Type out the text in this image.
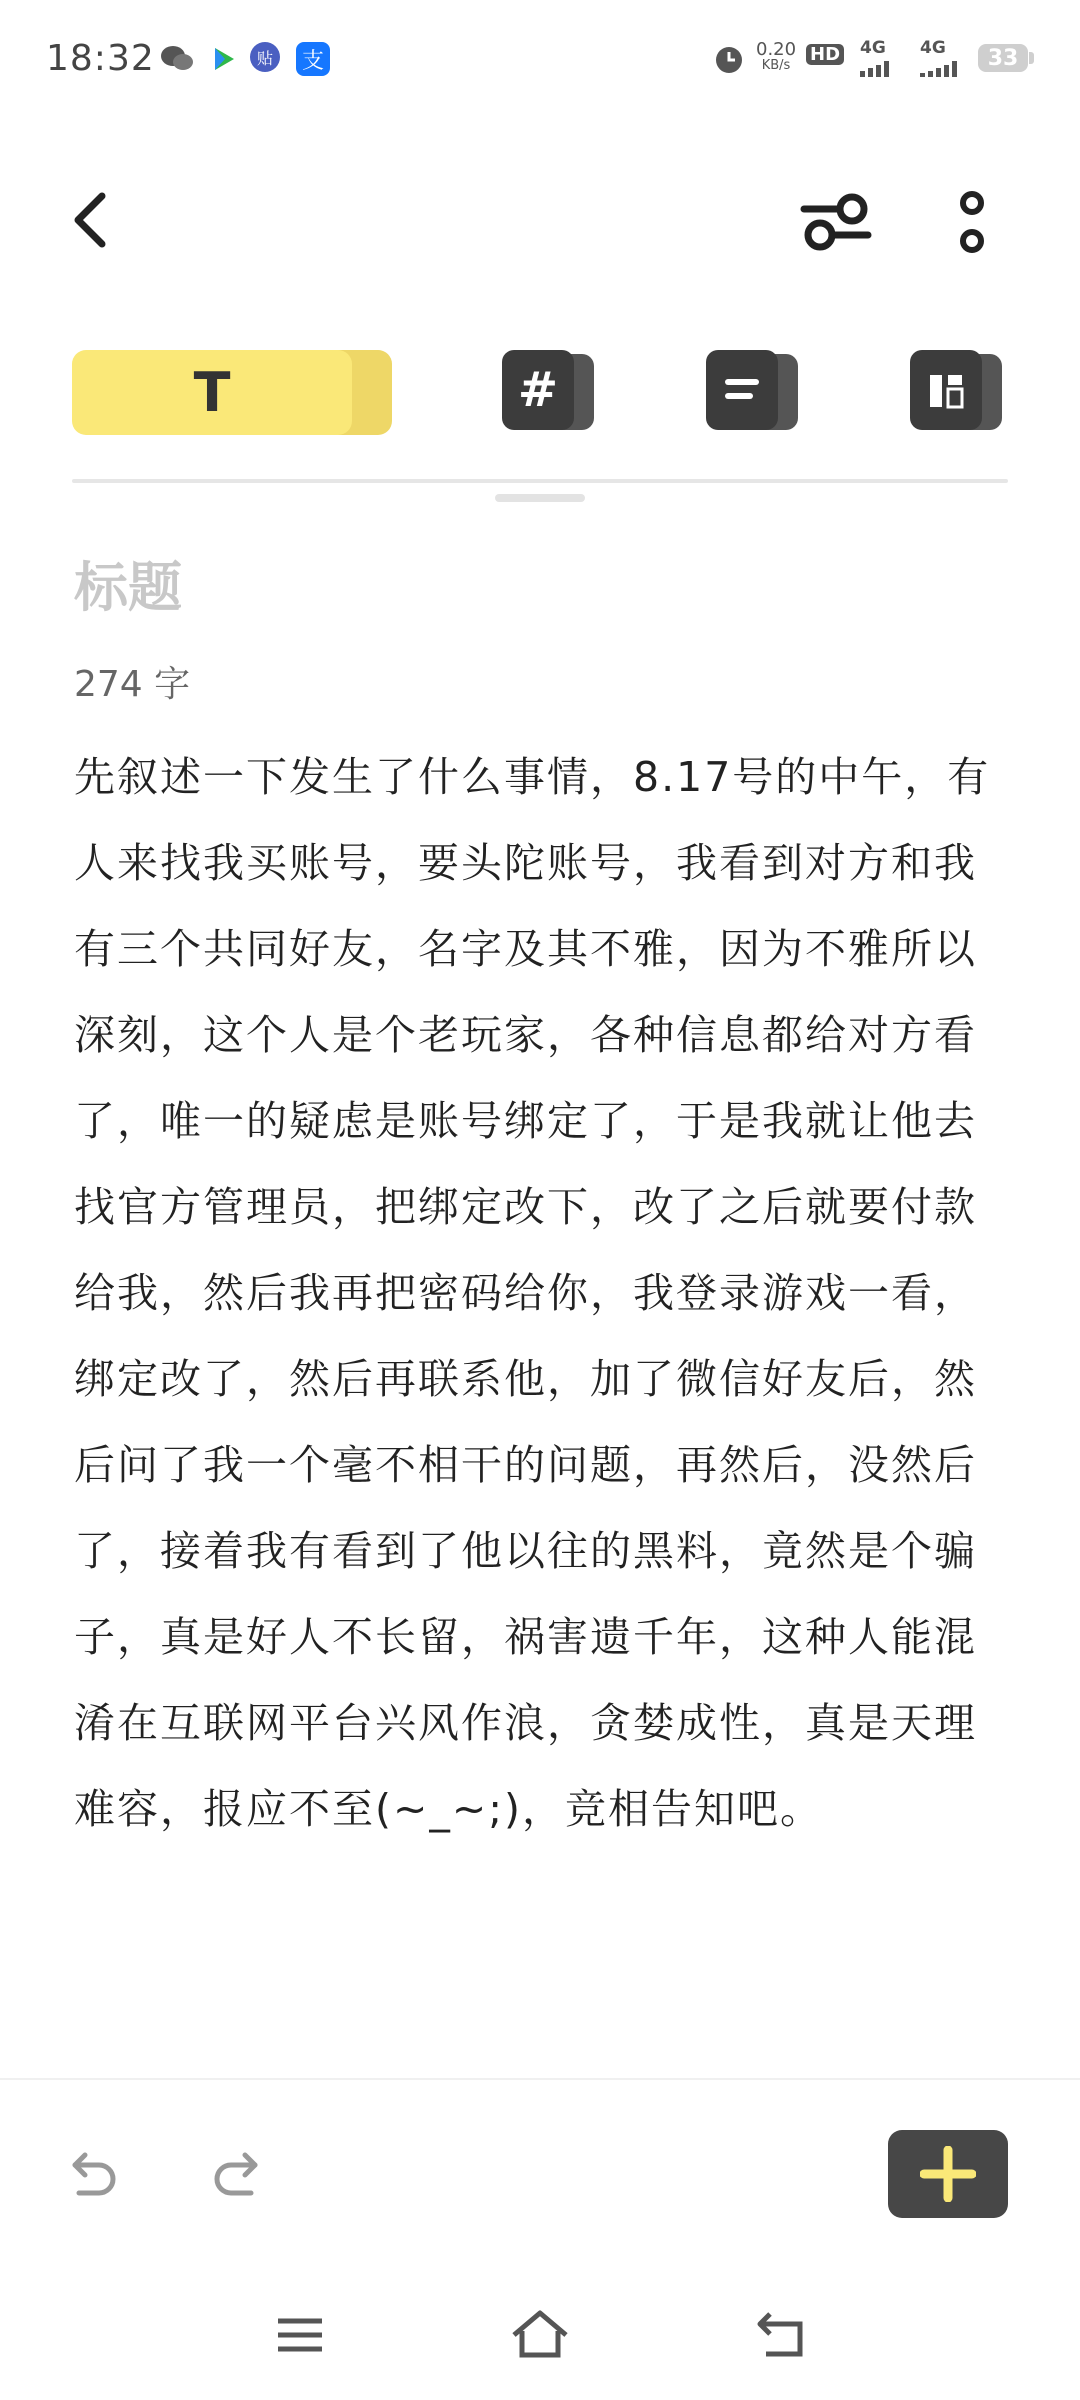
18:32	贴	支	0.20
KB/s
HD 4G	4G	33
T	#
标题
274 字
先叙述一下发生了什么事情，8.17号的中午，有人来找我买账号，要头陀账号，我看到对方和我有三个共同好友，名字及其不雅，因为不雅所以深刻，这个人是个老玩家，各种信息都给对方看了，唯一的疑虑是账号绑定了，于是我就让他去找官方管理员，把绑定改下，改了之后就要付款给我，然后我再把密码给你，我登录游戏一看，绑定改了，然后再联系他，加了微信好友后，然后问了我一个毫不相干的问题，再然后，没然后了，接着我有看到了他以往的黑料，竟然是个骗子，真是好人不长留，祸害遗千年，这种人能混淆在互联网平台兴风作浪，贪婪成性，真是天理难容，报应不至(~_~;)，竞相告知吧。
